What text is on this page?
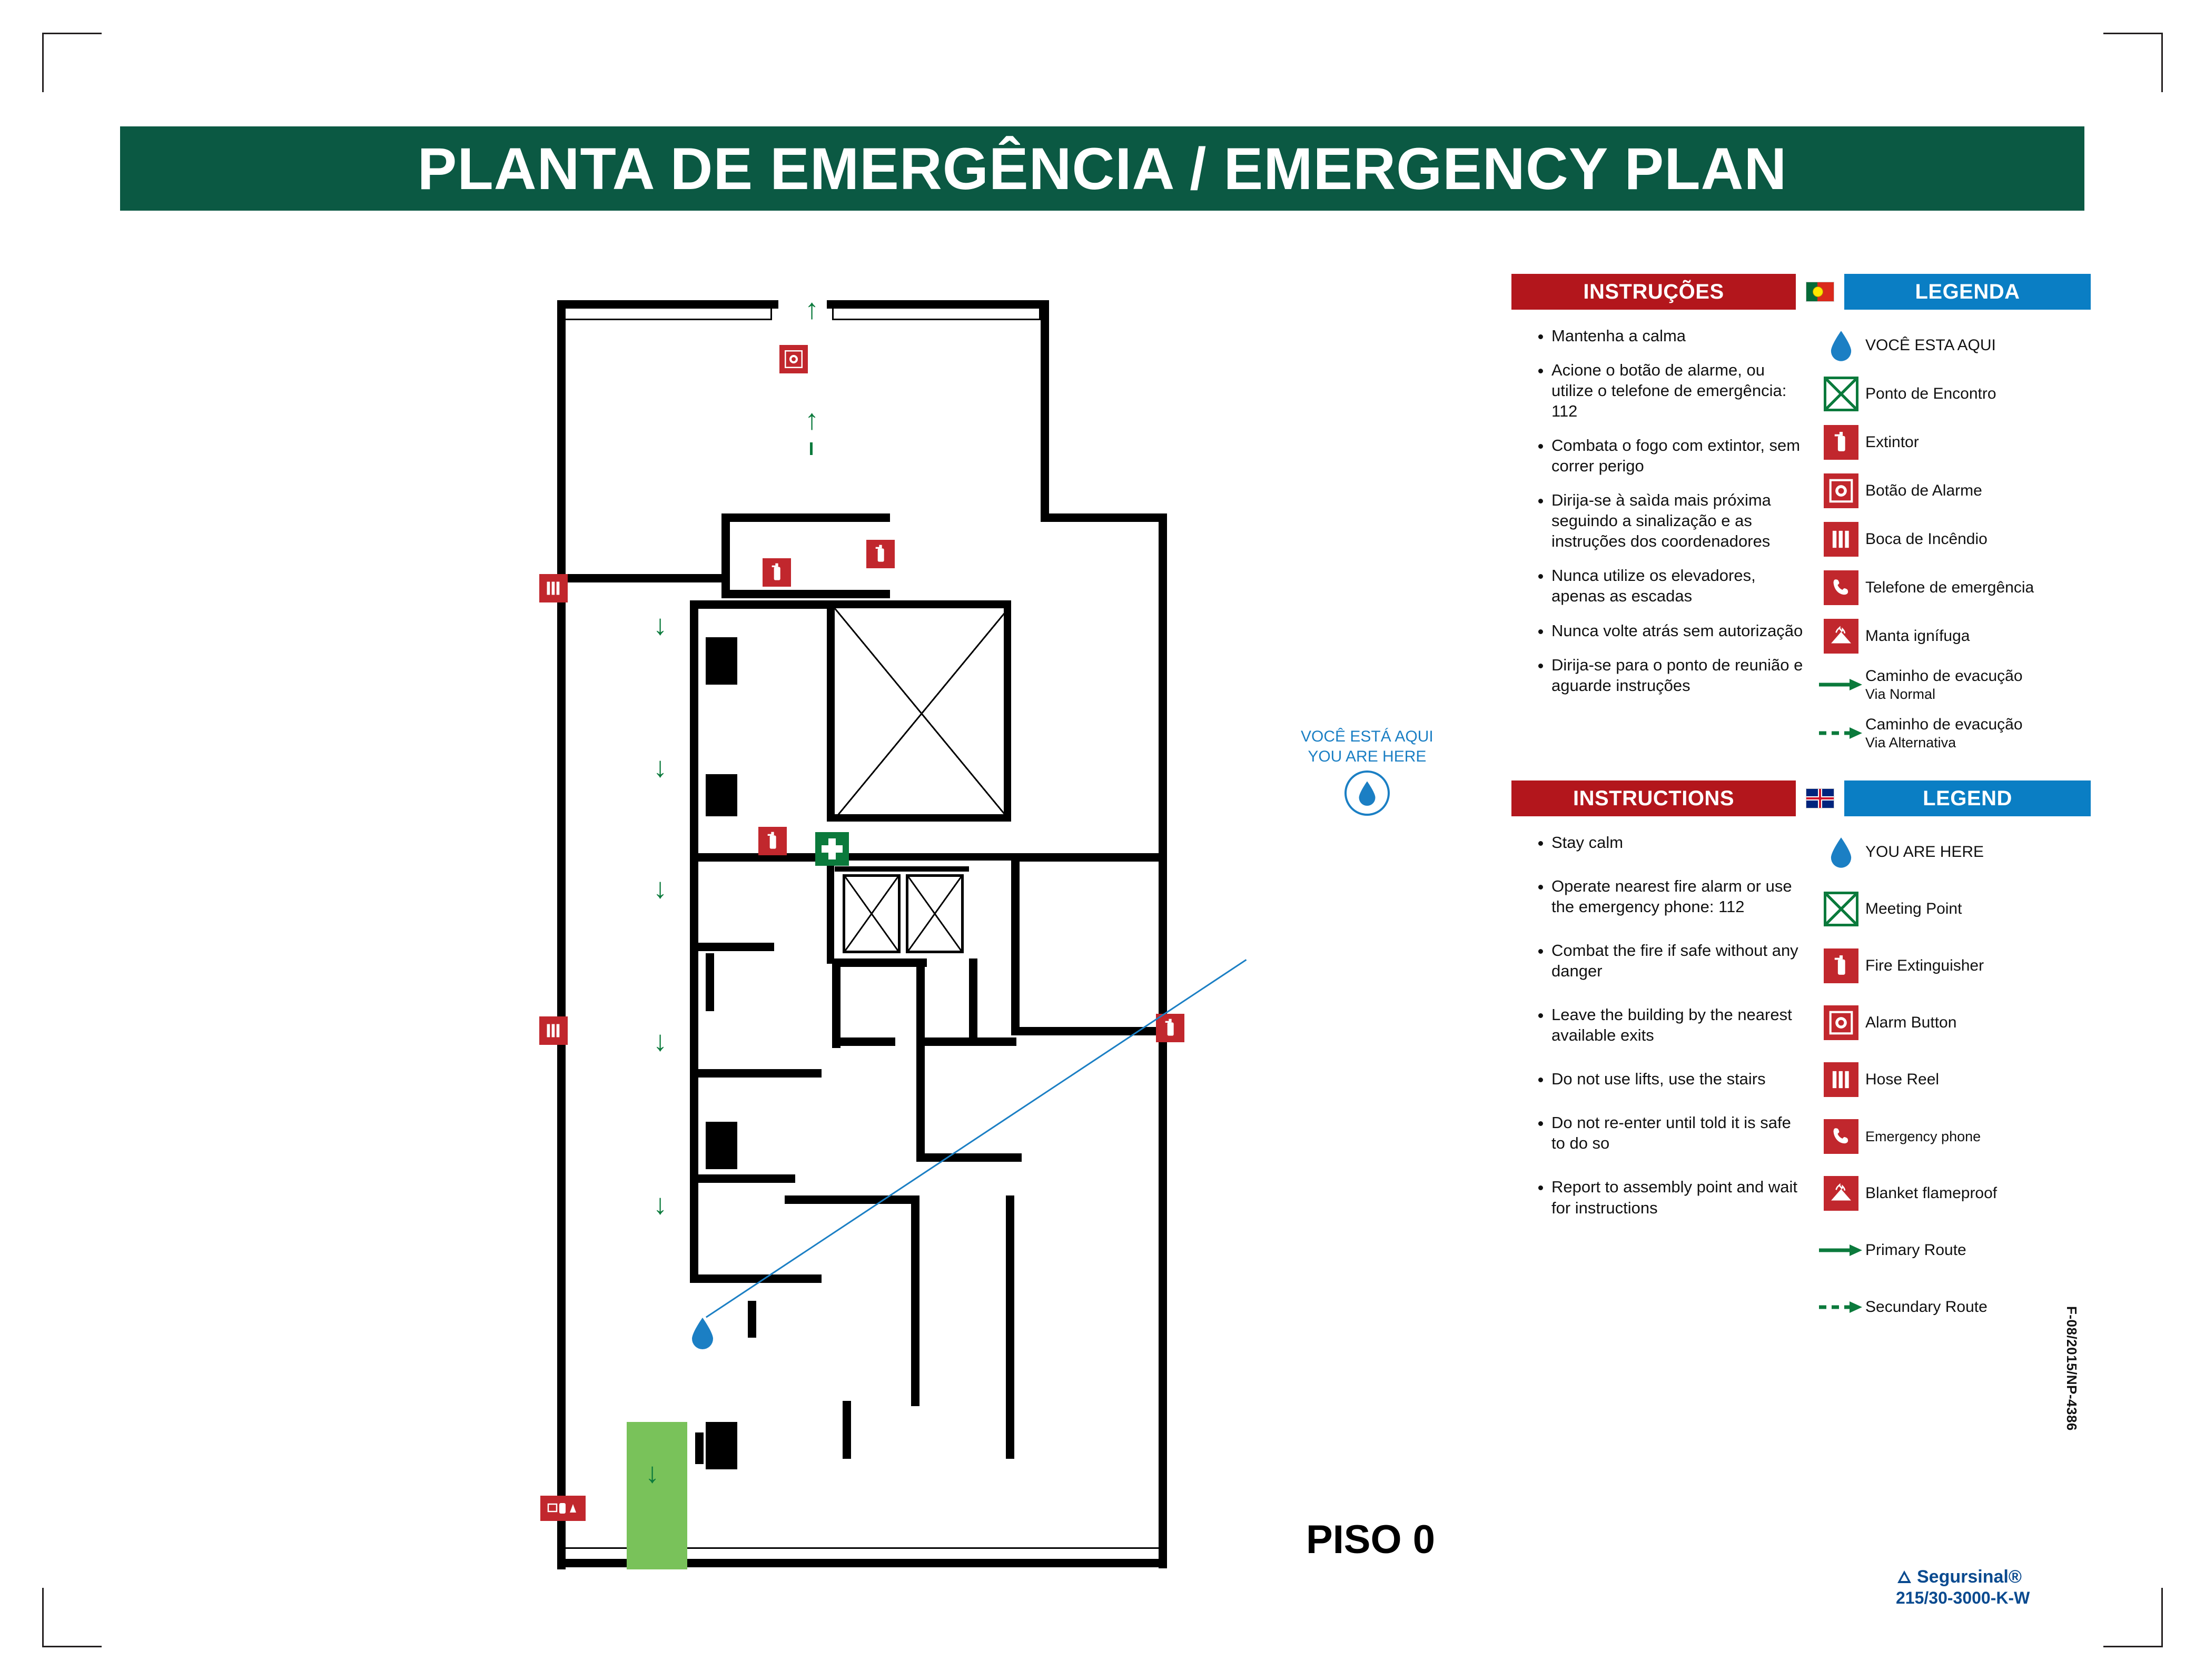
PLANTA DE EMERGÊNCIA / EMERGENCY PLAN
↓
↓
↓
↓
↓
↓
↑
↑
VOCÊ ESTÁ AQUI
YOU ARE HERE
PISO 0
INSTRUÇÕES	LEGENDA
• Mantenha a calma
• Acione o botão de alarme, ou utilize o telefone de emergência: 112
• Combata o fogo com extintor, sem correr perigo
• Dirija-se à saìda mais próxima seguindo a sinalização e as instruções dos coordenadores
• Nunca utilize os elevadores, apenas as escadas
• Nunca volte atrás sem autorização
• Dirija-se para o ponto de reunião e aguarde instruções
VOCÊ ESTA AQUI
Ponto de Encontro
Extintor
Botão de Alarme
Boca de Incêndio
Telefone de emergência
Manta ignífuga
Caminho de evacução
Via Normal
Caminho de evacução
Via Alternativa
INSTRUCTIONS	LEGEND
• Stay calm
• Operate nearest fire alarm or use the emergency phone: 112
• Combat the fire if safe without any danger
• Leave the building by the nearest available exits
• Do not use lifts, use the stairs
• Do not re-enter until told it is safe to do so
• Report to assembly point and wait for instructions
YOU ARE HERE
Meeting Point
Fire Extinguisher
Alarm Button
Hose Reel
Emergency phone
Blanket flameproof
Primary Route
Secundary Route	F-08/2015/NP-4386
Segursinal®
215/30-3000-K-W
